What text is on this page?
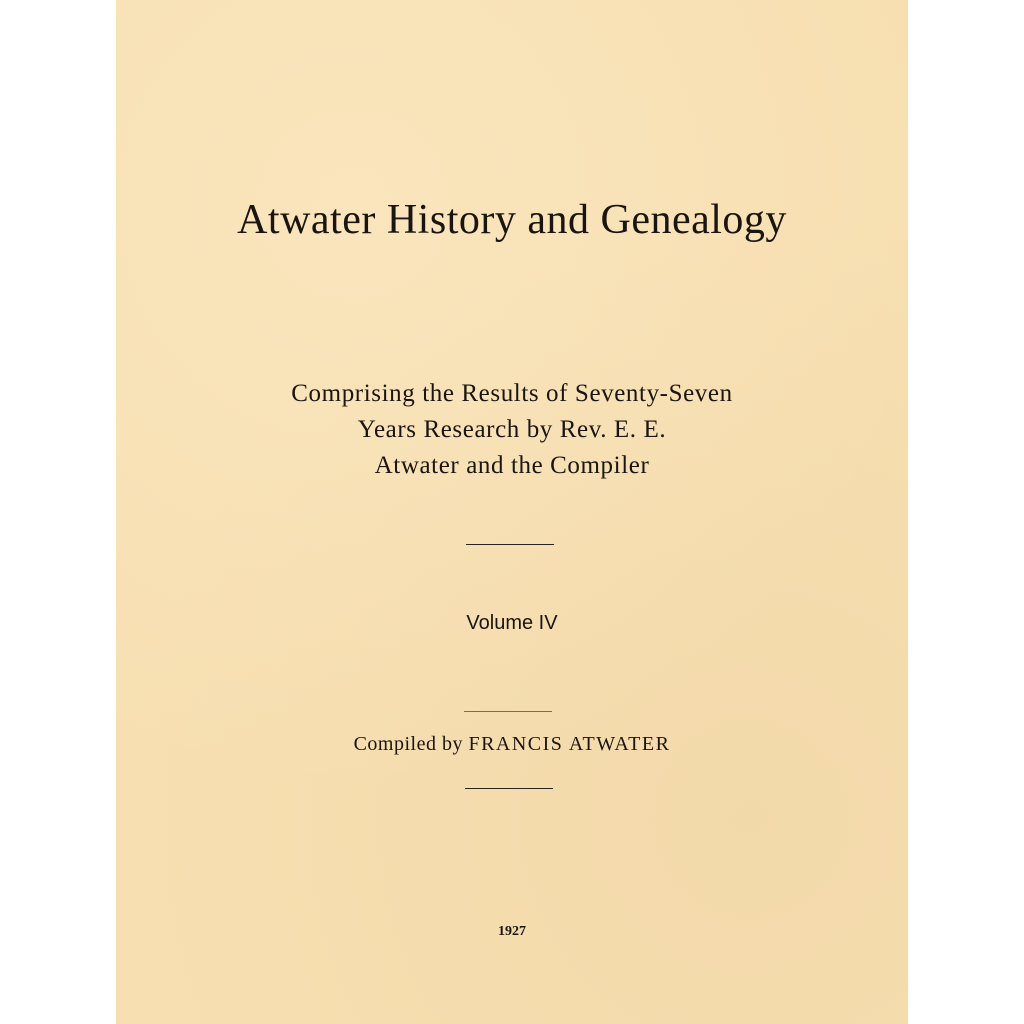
Atwater History and Genealogy
Comprising the Results of Seventy-Seven
Years Research by Rev. E. E.
Atwater and the Compiler
Volume IV
Compiled by FRANCIS ATWATER
1927
